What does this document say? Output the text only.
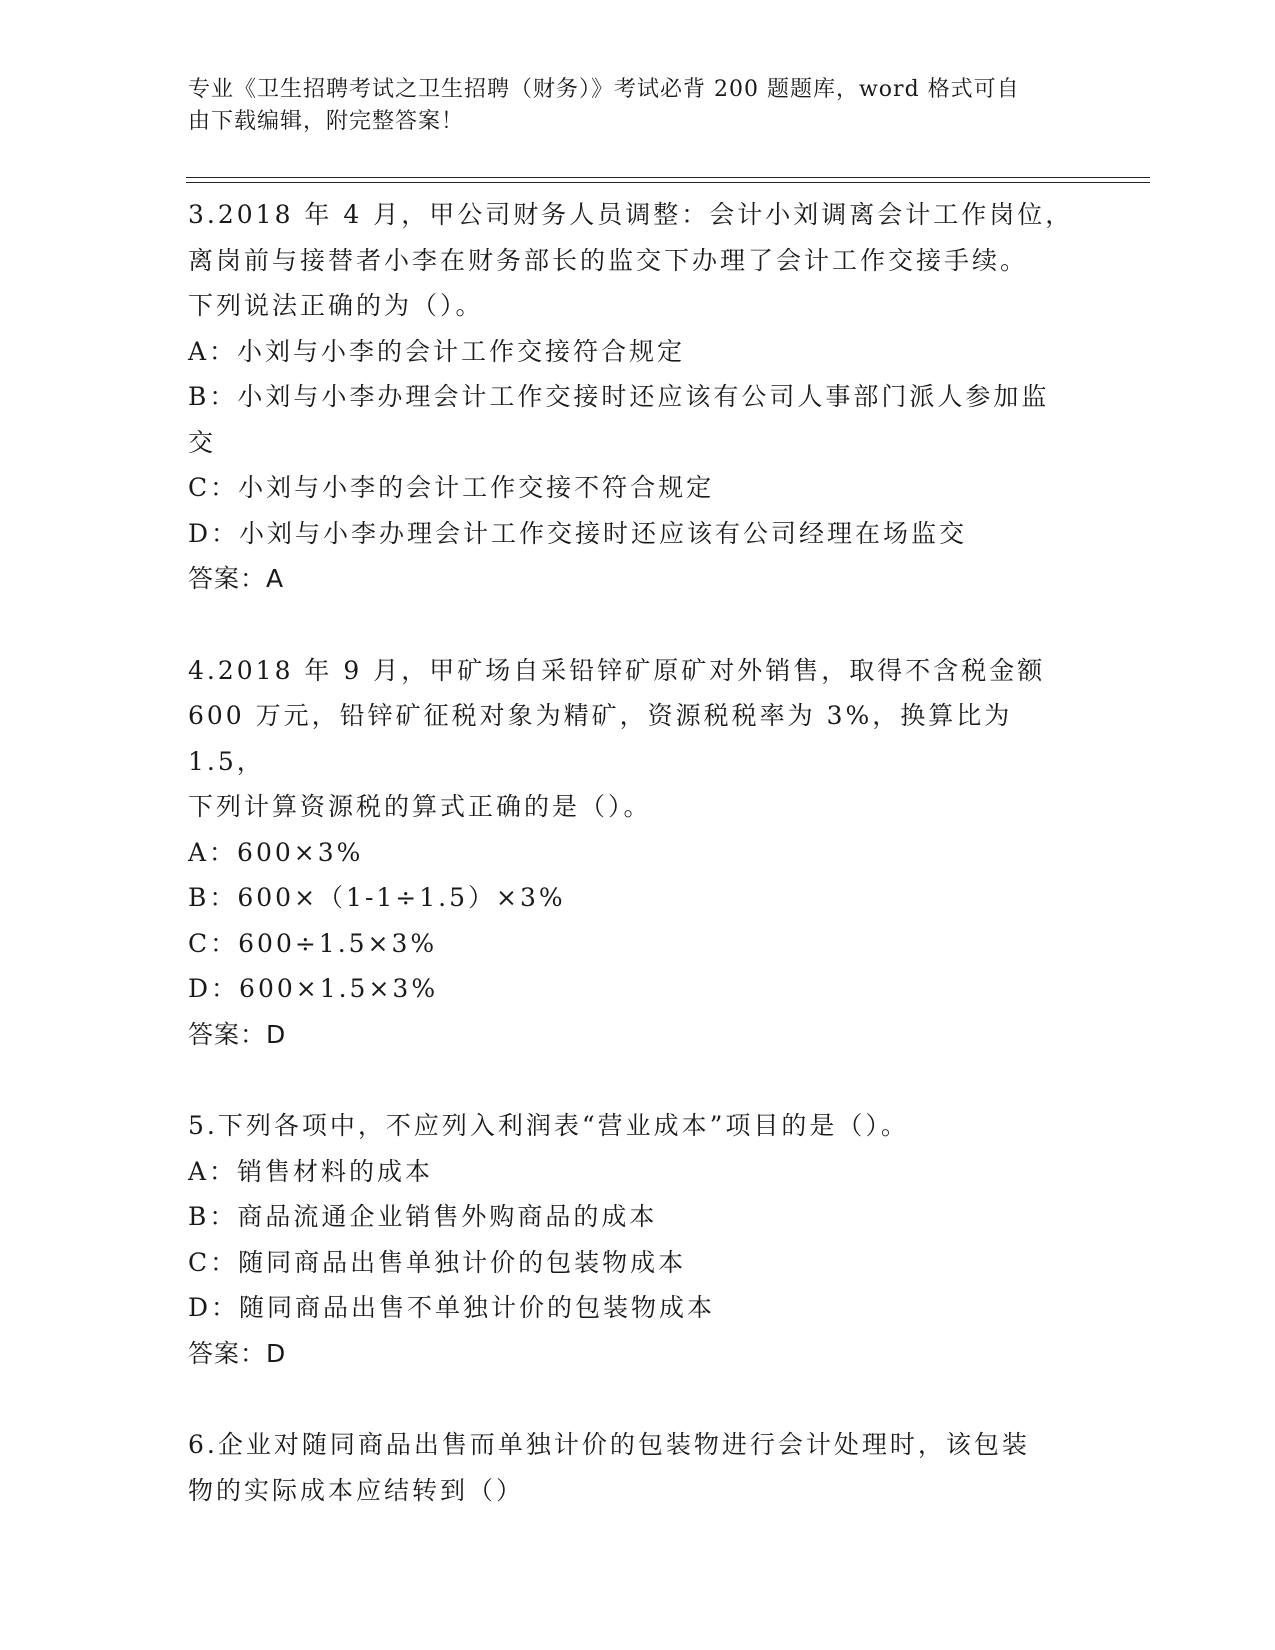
专业《卫生招聘考试之卫生招聘（财务）》考试必背 200 题题库，word 格式可自
由下载编辑，附完整答案！
3.2018 年 4 月，甲公司财务人员调整：会计小刘调离会计工作岗位，
离岗前与接替者小李在财务部长的监交下办理了会计工作交接手续。
下列说法正确的为（）。
A：小刘与小李的会计工作交接符合规定
B：小刘与小李办理会计工作交接时还应该有公司人事部门派人参加监
交
C：小刘与小李的会计工作交接不符合规定
D：小刘与小李办理会计工作交接时还应该有公司经理在场监交
答案：A
4.2018 年 9 月，甲矿场自采铅锌矿原矿对外销售，取得不含税金额
600 万元，铅锌矿征税对象为精矿，资源税税率为 3%，换算比为 1.5，
下列计算资源税的算式正确的是（）。
A：600×3%
B：600×（1-1÷1.5）×3%
C：600÷1.5×3%
D：600×1.5×3%
答案：D
5.下列各项中，不应列入利润表“营业成本”项目的是（）。
A：销售材料的成本
B：商品流通企业销售外购商品的成本
C：随同商品出售单独计价的包装物成本
D：随同商品出售不单独计价的包装物成本
答案：D
6.企业对随同商品出售而单独计价的包装物进行会计处理时，该包装
物的实际成本应结转到（）
